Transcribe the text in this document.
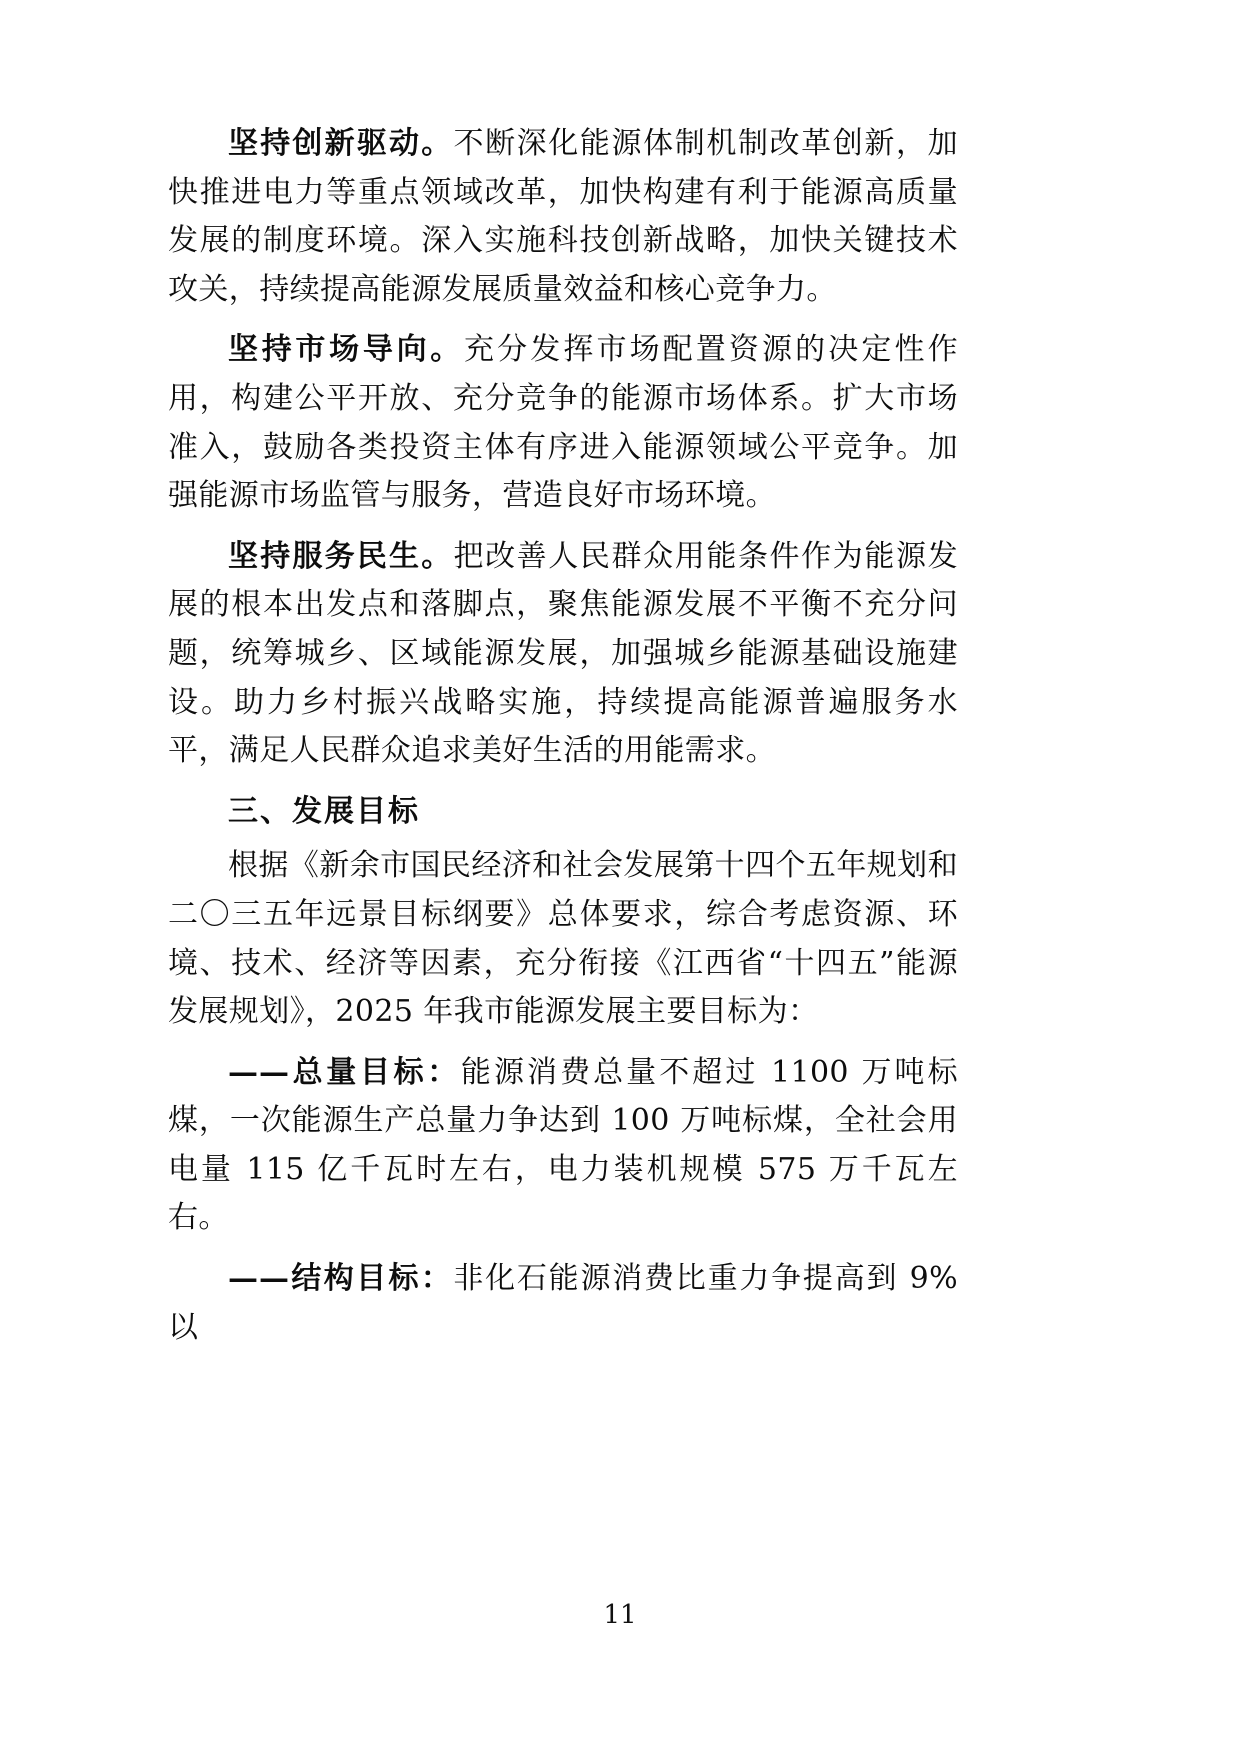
坚持创新驱动。不断深化能源体制机制改革创新，加快推进电力等重点领域改革，加快构建有利于能源高质量发展的制度环境。深入实施科技创新战略，加快关键技术攻关，持续提高能源发展质量效益和核心竞争力。

坚持市场导向。充分发挥市场配置资源的决定性作用，构建公平开放、充分竞争的能源市场体系。扩大市场准入，鼓励各类投资主体有序进入能源领域公平竞争。加强能源市场监管与服务，营造良好市场环境。

坚持服务民生。把改善人民群众用能条件作为能源发展的根本出发点和落脚点，聚焦能源发展不平衡不充分问题，统筹城乡、区域能源发展，加强城乡能源基础设施建设。助力乡村振兴战略实施，持续提高能源普遍服务水平，满足人民群众追求美好生活的用能需求。

三、发展目标

根据《新余市国民经济和社会发展第十四个五年规划和二〇三五年远景目标纲要》总体要求，综合考虑资源、环境、技术、经济等因素，充分衔接《江西省“十四五”能源发展规划》，2025 年我市能源发展主要目标为：

——总量目标：能源消费总量不超过 1100 万吨标煤，一次能源生产总量力争达到 100 万吨标煤，全社会用电量 115 亿千瓦时左右，电力装机规模 575 万千瓦左右。

——结构目标：非化石能源消费比重力争提高到 9%以

11
